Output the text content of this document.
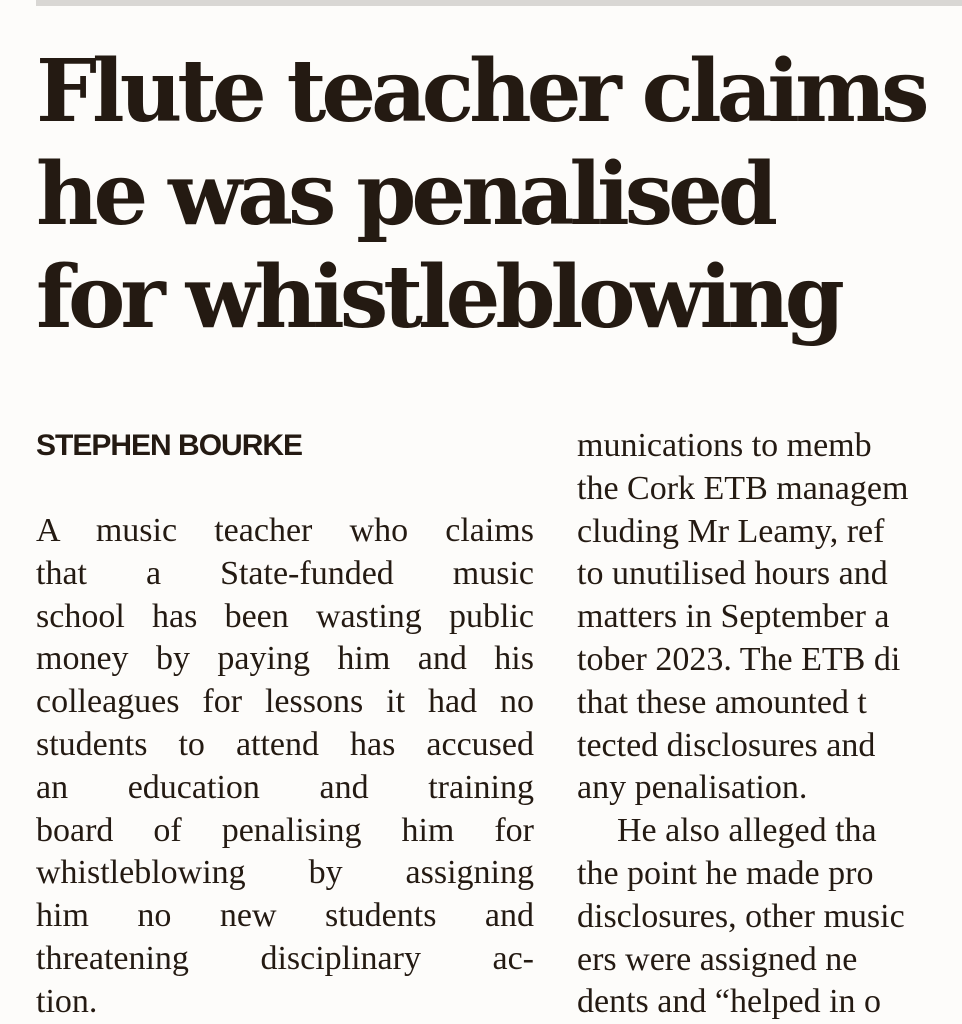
Flute teacher claims
he was penalised
for whistleblowing
STEPHEN BOURKE
A music teacher who claims
that a State-funded music
school has been wasting public
money by paying him and his
colleagues for lessons it had no
students to attend has accused
an education and training
board of penalising him for
whistleblowing by assigning
him no new students and
threatening disciplinary ac-
tion.
munications to memb
the Cork ETB managem
cluding Mr Leamy, ref
to unutilised hours and
matters in September a
tober 2023. The ETB di
that these amounted t
tected disclosures and
any penalisation.
He also alleged tha
the point he made pro
disclosures, other music
ers were assigned ne
dents and “helped in o
